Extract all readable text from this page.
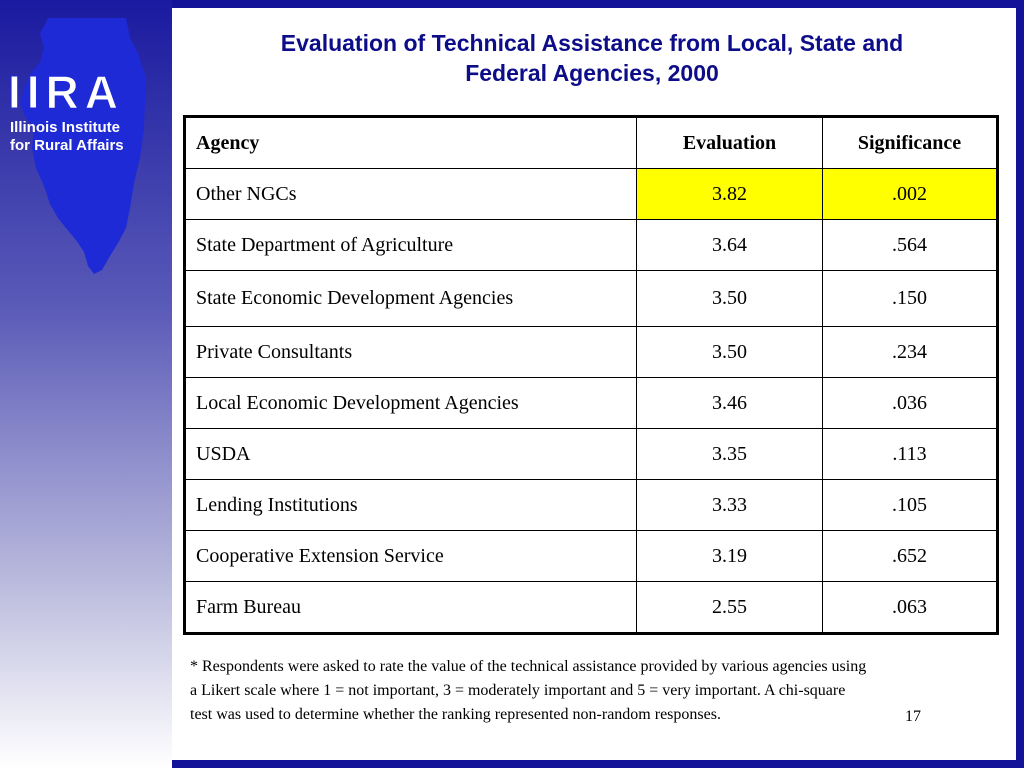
IIRA
Illinois Institute
for Rural Affairs
Evaluation of Technical Assistance from Local, State and
Federal Agencies, 2000
Agency	Evaluation	Significance
Other NGCs	3.82	.002
State Department of Agriculture	3.64	.564
State Economic Development Agencies	3.50	.150
Private Consultants	3.50	.234
Local Economic Development Agencies	3.46	.036
USDA	3.35	.113
Lending Institutions	3.33	.105
Cooperative Extension Service	3.19	.652
Farm Bureau	2.55	.063
* Respondents were asked to rate the value of the technical assistance provided by various agencies using a Likert scale where 1 = not important, 3 = moderately important and 5 = very important. A chi-square test was used to determine whether the ranking represented non-random responses.	17
